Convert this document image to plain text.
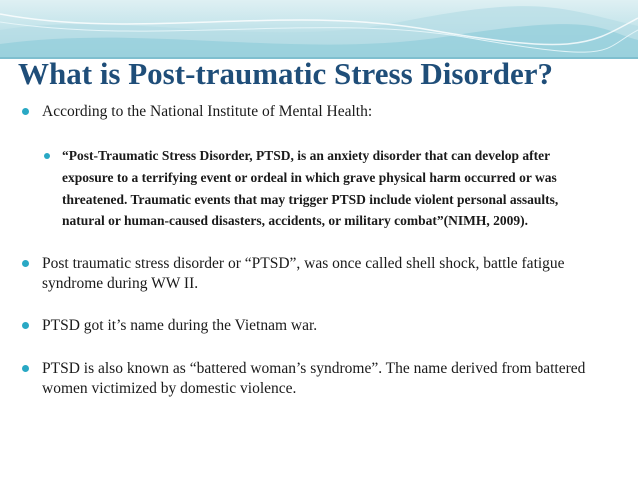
What is Post-traumatic Stress Disorder?
According to the National Institute of Mental Health:
“Post-Traumatic Stress Disorder, PTSD, is an anxiety disorder that can develop after exposure to a terrifying event or ordeal in which grave physical harm occurred or was threatened. Traumatic events that may trigger PTSD include violent personal assaults, natural or human-caused disasters, accidents, or military combat”(NIMH, 2009).
Post traumatic stress disorder or “PTSD”, was once called shell shock, battle fatigue syndrome during WW II.
PTSD got it’s name during the Vietnam war.
PTSD is also known as “battered woman’s syndrome”. The name derived from battered women victimized by domestic violence.
